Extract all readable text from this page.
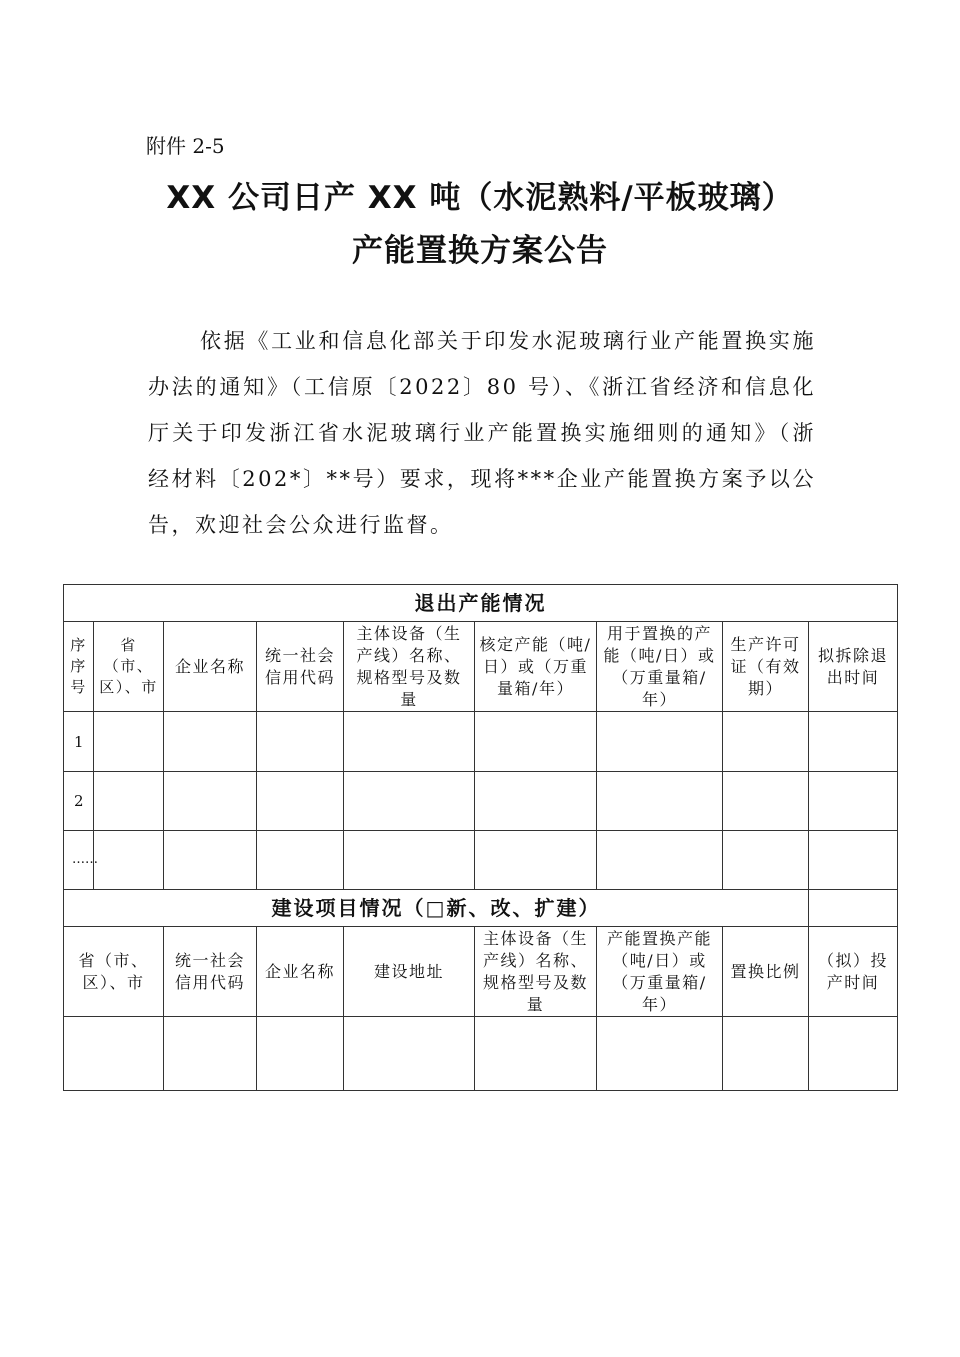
附件 2-5
XX 公司日产 XX 吨（水泥熟料/平板玻璃）
产能置换方案公告

依据《工业和信息化部关于印发水泥玻璃行业产能置换实施办法的通知》（工信原〔2022〕80 号）、《浙江省经济和信息化厅关于印发浙江省水泥玻璃行业产能置换实施细则的通知》（浙经材料〔202*〕**号）要求，现将***企业产能置换方案予以公告，欢迎社会公众进行监督。

退出产能情况								
序序号	省（市、区）、市	企业名称	统一社会信用代码	主体设备（生产线）名称、规格型号及数量	核定产能（吨/日）或（万重量箱/年）	用于置换的产能（吨/日）或（万重量箱/年）	生产许可证（有效期）	拟拆除退出时间
1								
2								
……								
建设项目情况（□新、改、扩建）								
省（市、区）、市		统一社会信用代码	企业名称	建设地址	主体设备（生产线）名称、规格型号及数量	产能置换产能（吨/日）或（万重量箱/年）	置换比例	（拟）投产时间
